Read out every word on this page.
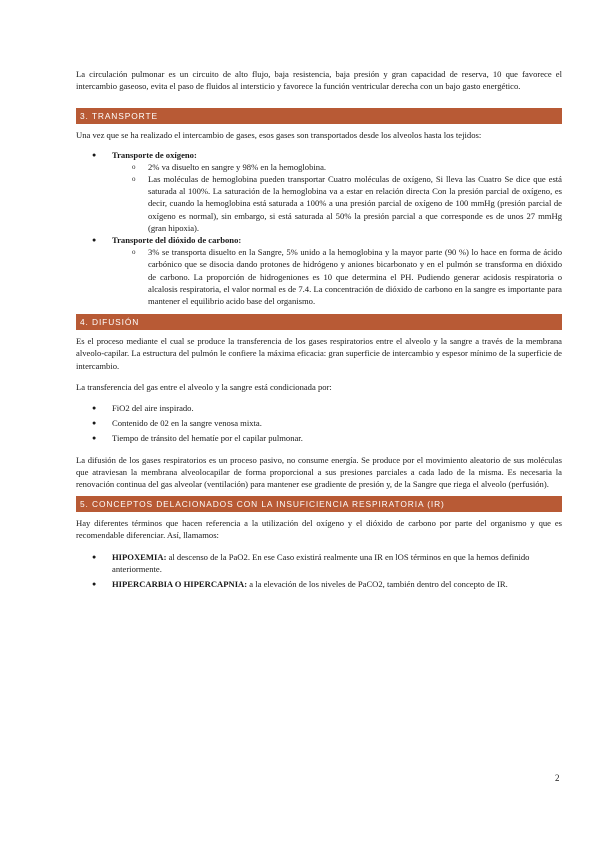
La circulación pulmonar es un circuito de alto flujo, baja resistencia, baja presión y gran capacidad de reserva, 10 que favorece el intercambio gaseoso, evita el paso de fluidos al intersticio y favorece la función ventricular derecha con un bajo gasto energético.

3. TRANSPORTE

Una vez que se ha realizado el intercambio de gases, esos gases son transportados desde los alveolos hasta los tejidos:

● Transporte de oxígeno:
o 2% va disuelto en sangre y 98% en la hemoglobina.
o Las moléculas de hemoglobina pueden transportar Cuatro moléculas de oxígeno, Si lleva las Cuatro Se dice que está saturada al 100%. La saturación de la hemoglobina va a estar en relación directa Con la presión parcial de oxígeno, es decir, cuando la hemoglobina está saturada a 100% a una presión parcial de oxígeno de 100 mmHg (presión parcial de oxígeno es normal), sin embargo, si está saturada al 50% la presión parcial a que corresponde es de unos 27 mmHg (gran hipoxia).
● Transporte del dióxido de carbono:
o 3% se transporta disuelto en la Sangre, 5% unido a la hemoglobina y la mayor parte (90 %) lo hace en forma de ácido carbónico que se disocia dando protones de hidrógeno y aniones bicarbonato y en el pulmón se transforma en dióxido de carbono. La proporción de hidrogeniones es 10 que determina el PH. Pudiendo generar acidosis respiratoria o alcalosis respiratoria, el valor normal es de 7.4. La concentración de dióxido de carbono en la sangre es importante para mantener el equilibrio acido base del organismo.
4. DIFUSIÓN

Es el proceso mediante el cual se produce la transferencia de los gases respiratorios entre el alveolo y la sangre a través de la membrana alveolo-capilar. La estructura del pulmón le confiere la máxima eficacia: gran superficie de intercambio y espesor mínimo de la superficie de intercambio.

La transferencia del gas entre el alveolo y la sangre está condicionada por:

● FiO2 del aire inspirado.
● Contenido de 02 en la sangre venosa mixta.
● Tiempo de tránsito del hematíe por el capilar pulmonar.

La difusión de los gases respiratorios es un proceso pasivo, no consume energía. Se produce por el movimiento aleatorio de sus moléculas que atraviesan la membrana alveolocapilar de forma proporcional a sus presiones parciales a cada lado de la misma. Es necesaria la renovación continua del gas alveolar (ventilación) para mantener ese gradiente de presión y, de la Sangre que riega el alveolo (perfusión).

5. CONCEPTOS DELACIONADOS CON LA INSUFICIENCIA RESPIRATORIA (IR)

Hay diferentes términos que hacen referencia a la utilización del oxígeno y el dióxido de carbono por parte del organismo y que es recomendable diferenciar. Así, llamamos:

● HIPOXEMIA: al descenso de la PaO2. En ese Caso existirá realmente una IR en lOS términos en que la hemos definido anteriormente.
● HIPERCARBIA O HIPERCAPNIA: a la elevación de los niveles de PaCO2, también dentro del concepto de IR.
2
